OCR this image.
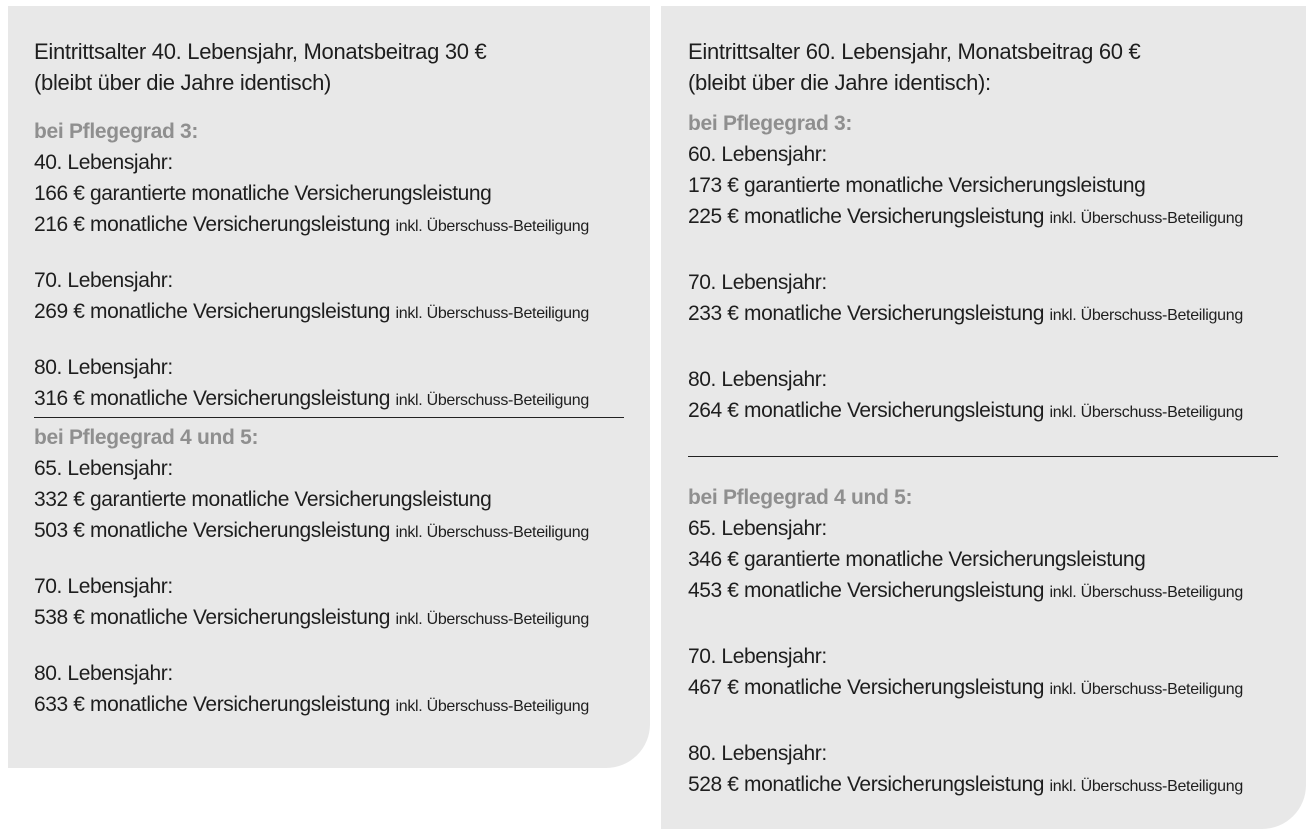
Eintrittsalter 40. Lebensjahr, Monatsbeitrag 30 €
(bleibt über die Jahre identisch)
bei Pflegegrad 3:
40. Lebensjahr:
166 € garantierte monatliche Versicherungsleistung
216 € monatliche Versicherungsleistung inkl. Überschuss-Beteiligung
70. Lebensjahr:
269 € monatliche Versicherungsleistung inkl. Überschuss-Beteiligung
80. Lebensjahr:
316 € monatliche Versicherungsleistung inkl. Überschuss-Beteiligung
bei Pflegegrad 4 und 5:
65. Lebensjahr:
332 € garantierte monatliche Versicherungsleistung
503 € monatliche Versicherungsleistung inkl. Überschuss-Beteiligung
70. Lebensjahr:
538 € monatliche Versicherungsleistung inkl. Überschuss-Beteiligung
80. Lebensjahr:
633 € monatliche Versicherungsleistung inkl. Überschuss-Beteiligung
Eintrittsalter 60. Lebensjahr, Monatsbeitrag 60 €
(bleibt über die Jahre identisch):
bei Pflegegrad 3:
60. Lebensjahr:
173 € garantierte monatliche Versicherungsleistung
225 € monatliche Versicherungsleistung inkl. Überschuss-Beteiligung
70. Lebensjahr:
233 € monatliche Versicherungsleistung inkl. Überschuss-Beteiligung
80. Lebensjahr:
264 € monatliche Versicherungsleistung inkl. Überschuss-Beteiligung
bei Pflegegrad 4 und 5:
65. Lebensjahr:
346 € garantierte monatliche Versicherungsleistung
453 € monatliche Versicherungsleistung inkl. Überschuss-Beteiligung
70. Lebensjahr:
467 € monatliche Versicherungsleistung inkl. Überschuss-Beteiligung
80. Lebensjahr:
528 € monatliche Versicherungsleistung inkl. Überschuss-Beteiligung
